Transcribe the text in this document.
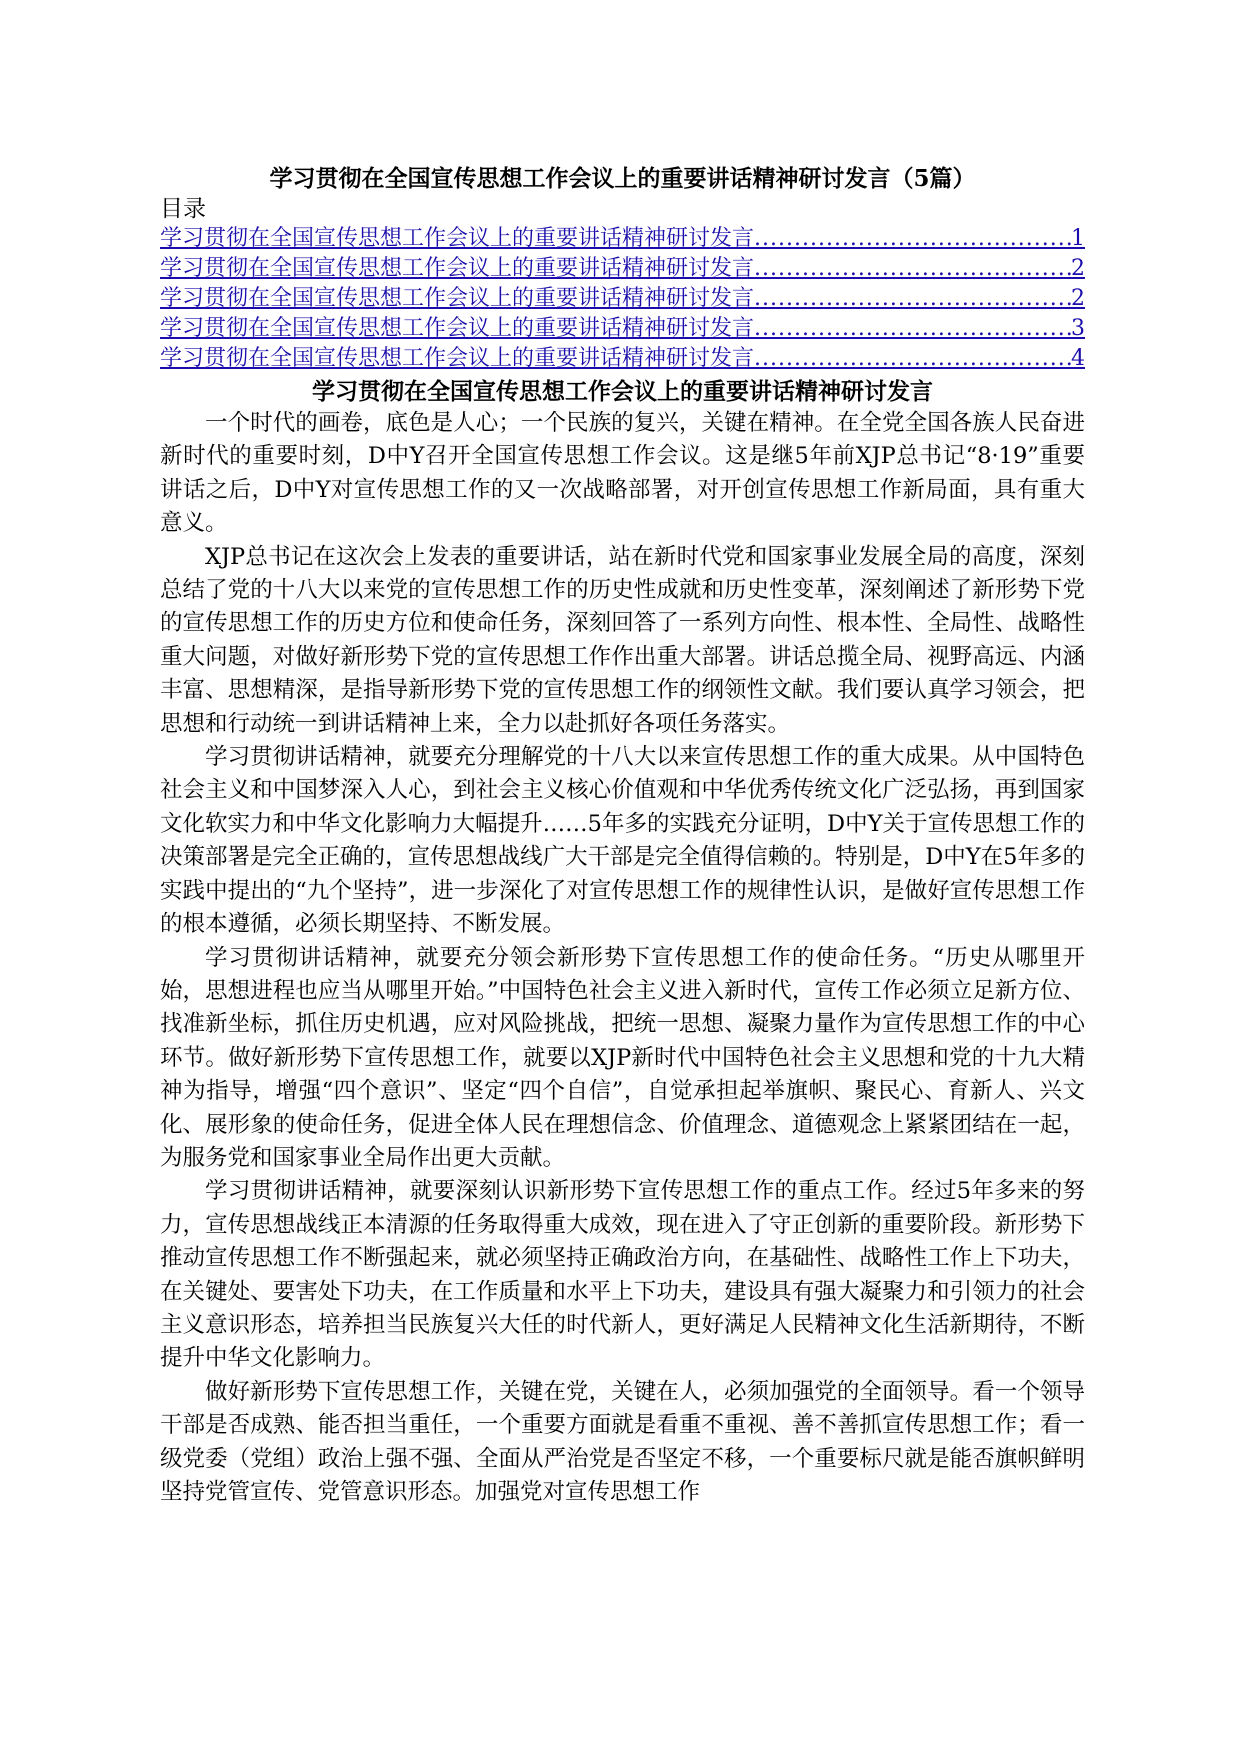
学习贯彻在全国宣传思想工作会议上的重要讲话精神研讨发言（5篇）
目录
学习贯彻在全国宣传思想工作会议上的重要讲话精神研讨发言 .....	1
学习贯彻在全国宣传思想工作会议上的重要讲话精神研讨发言 .....	2
学习贯彻在全国宣传思想工作会议上的重要讲话精神研讨发言 .....	2
学习贯彻在全国宣传思想工作会议上的重要讲话精神研讨发言 .....	3
学习贯彻在全国宣传思想工作会议上的重要讲话精神研讨发言 .....	4
学习贯彻在全国宣传思想工作会议上的重要讲话精神研讨发言

一个时代的画卷，底色是人心；一个民族的复兴，关键在精神。在全党全国各族人民奋进新时代的重要时刻，D中Y召开全国宣传思想工作会议。这是继5年前XJP总书记“8·19”重要讲话之后，D中Y对宣传思想工作的又一次战略部署，对开创宣传思想工作新局面，具有重大意义。

XJP总书记在这次会上发表的重要讲话，站在新时代党和国家事业发展全局的高度，深刻总结了党的十八大以来党的宣传思想工作的历史性成就和历史性变革，深刻阐述了新形势下党的宣传思想工作的历史方位和使命任务，深刻回答了一系列方向性、根本性、全局性、战略性重大问题，对做好新形势下党的宣传思想工作作出重大部署。讲话总揽全局、视野高远、内涵丰富、思想精深，是指导新形势下党的宣传思想工作的纲领性文献。我们要认真学习领会，把思想和行动统一到讲话精神上来，全力以赴抓好各项任务落实。

学习贯彻讲话精神，就要充分理解党的十八大以来宣传思想工作的重大成果。从中国特色社会主义和中国梦深入人心，到社会主义核心价值观和中华优秀传统文化广泛弘扬，再到国家文化软实力和中华文化影响力大幅提升……5年多的实践充分证明，D中Y关于宣传思想工作的决策部署是完全正确的，宣传思想战线广大干部是完全值得信赖的。特别是，D中Y在5年多的实践中提出的“九个坚持”，进一步深化了对宣传思想工作的规律性认识，是做好宣传思想工作的根本遵循，必须长期坚持、不断发展。

学习贯彻讲话精神，就要充分领会新形势下宣传思想工作的使命任务。“历史从哪里开始，思想进程也应当从哪里开始。”中国特色社会主义进入新时代，宣传工作必须立足新方位、找准新坐标，抓住历史机遇，应对风险挑战，把统一思想、凝聚力量作为宣传思想工作的中心环节。做好新形势下宣传思想工作，就要以XJP新时代中国特色社会主义思想和党的十九大精神为指导，增强“四个意识”、坚定“四个自信”，自觉承担起举旗帜、聚民心、育新人、兴文化、展形象的使命任务，促进全体人民在理想信念、价值理念、道德观念上紧紧团结在一起，为服务党和国家事业全局作出更大贡献。

学习贯彻讲话精神，就要深刻认识新形势下宣传思想工作的重点工作。经过5年多来的努力，宣传思想战线正本清源的任务取得重大成效，现在进入了守正创新的重要阶段。新形势下推动宣传思想工作不断强起来，就必须坚持正确政治方向，在基础性、战略性工作上下功夫，在关键处、要害处下功夫，在工作质量和水平上下功夫，建设具有强大凝聚力和引领力的社会主义意识形态，培养担当民族复兴大任的时代新人，更好满足人民精神文化生活新期待，不断提升中华文化影响力。

做好新形势下宣传思想工作，关键在党，关键在人，必须加强党的全面领导。看一个领导干部是否成熟、能否担当重任，一个重要方面就是看重不重视、善不善抓宣传思想工作；看一级党委（党组）政治上强不强、全面从严治党是否坚定不移，一个重要标尺就是能否旗帜鲜明坚持党管宣传、党管意识形态。加强党对宣传思想工作
